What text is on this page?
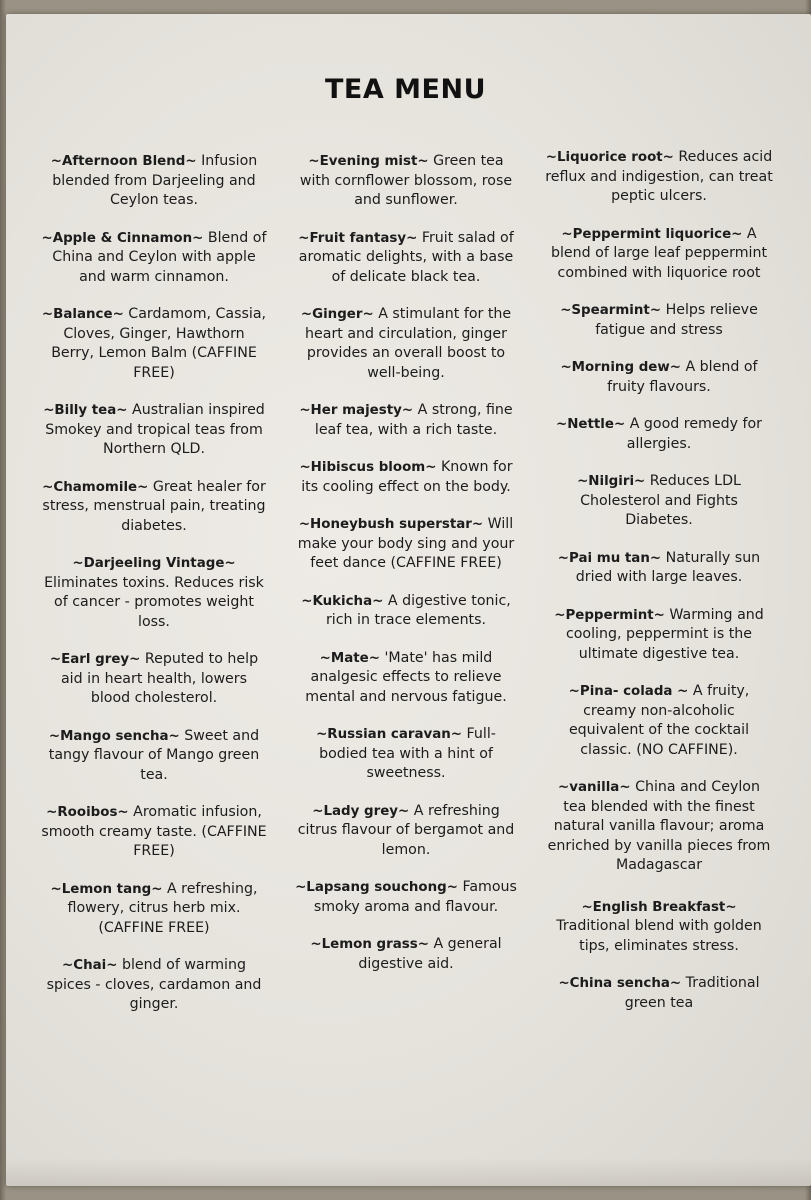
TEA MENU
~Afternoon Blend~ Infusion blended from Darjeeling and Ceylon teas.
~Apple & Cinnamon~ Blend of China and Ceylon with apple and warm cinnamon.
~Balance~ Cardamom, Cassia, Cloves, Ginger, Hawthorn Berry, Lemon Balm (CAFFINE FREE)
~Billy tea~ Australian inspired Smokey and tropical teas from Northern QLD.
~Chamomile~ Great healer for stress, menstrual pain, treating diabetes.
~Darjeeling Vintage~ Eliminates toxins. Reduces risk of cancer - promotes weight loss.
~Earl grey~ Reputed to help aid in heart health, lowers blood cholesterol.
~Mango sencha~ Sweet and tangy flavour of Mango green tea.
~Rooibos~ Aromatic infusion, smooth creamy taste. (CAFFINE FREE)
~Lemon tang~ A refreshing, flowery, citrus herb mix. (CAFFINE FREE)
~Chai~ blend of warming spices - cloves, cardamon and ginger.
~Evening mist~ Green tea with cornflower blossom, rose and sunflower.
~Fruit fantasy~ Fruit salad of aromatic delights, with a base of delicate black tea.
~Ginger~ A stimulant for the heart and circulation, ginger provides an overall boost to well-being.
~Her majesty~ A strong, fine leaf tea, with a rich taste.
~Hibiscus bloom~ Known for its cooling effect on the body.
~Honeybush superstar~ Will make your body sing and your feet dance (CAFFINE FREE)
~Kukicha~ A digestive tonic, rich in trace elements.
~Mate~ 'Mate' has mild analgesic effects to relieve mental and nervous fatigue.
~Russian caravan~ Full-bodied tea with a hint of sweetness.
~Lady grey~ A refreshing citrus flavour of bergamot and lemon.
~Lapsang souchong~ Famous smoky aroma and flavour.
~Lemon grass~ A general digestive aid.
~Liquorice root~ Reduces acid reflux and indigestion, can treat peptic ulcers.
~Peppermint liquorice~ A blend of large leaf peppermint combined with liquorice root
~Spearmint~ Helps relieve fatigue and stress
~Morning dew~ A blend of fruity flavours.
~Nettle~ A good remedy for allergies.
~Nilgiri~ Reduces LDL Cholesterol and Fights Diabetes.
~Pai mu tan~ Naturally sun dried with large leaves.
~Peppermint~ Warming and cooling, peppermint is the ultimate digestive tea.
~Pina- colada ~ A fruity, creamy non-alcoholic equivalent of the cocktail classic. (NO CAFFINE).
~vanilla~ China and Ceylon tea blended with the finest natural vanilla flavour; aroma enriched by vanilla pieces from Madagascar
~English Breakfast~ Traditional blend with golden tips, eliminates stress.
~China sencha~ Traditional green tea
